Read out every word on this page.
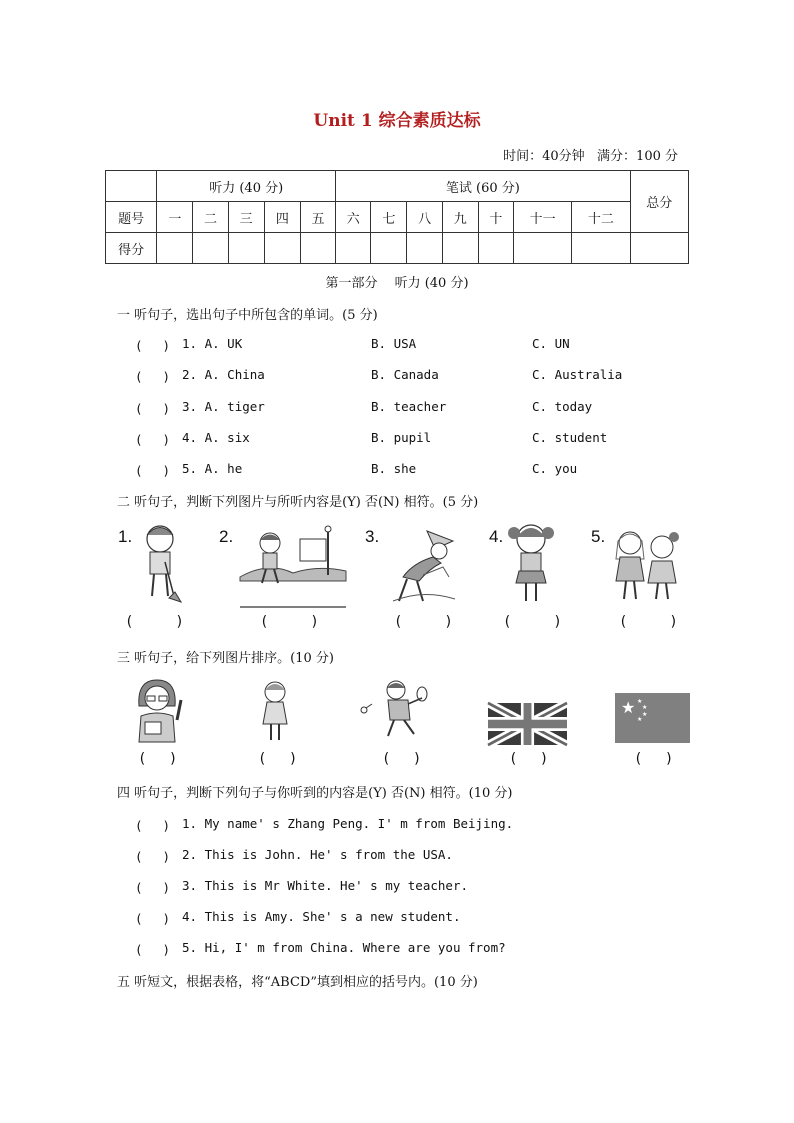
Unit 1 综合素质达标
时间：40分钟 满分：100 分
	听力 (40 分)					笔试 (60 分)							总分
题号	一	二	三	四	五	六	七	八	九	十	十一	十二	
得分													
第一部分　 听力 (40 分)
一 听句子，选出句子中所包含的单词。(5 分)
(　 ) 1. A. UK	B. USA	C. UN
(　 ) 2. A. China	B. Canada	C. Australia
(　 ) 3. A. tiger	B. teacher	C. today
(　 ) 4. A. six	B. pupil	C. student
(　 ) 5. A. he	B. she	C. you
二 听句子，判断下列图片与所听内容是(Y) 否(N) 相符。(5 分)
1.	2.	3.	4.	5.
(　　　)	(　　　)	(　　　)	(　　　)	(　　　)
三 听句子，给下列图片排序。(10 分)
★ ★
★
★
★
(　 )	(　 )	(　 )	(　 )	(　 )
四 听句子，判断下列句子与你听到的内容是(Y) 否(N) 相符。(10 分)
(　 ) 1. My name' s Zhang Peng. I' m from Beijing.
(　 ) 2. This is John. He' s from the USA.
(　 ) 3. This is Mr White. He' s my teacher.
(　 ) 4. This is Amy. She' s a new student.
(　 ) 5. Hi, I' m from China. Where are you from?
五 听短文，根据表格，将“ABCD”填到相应的括号内。(10 分)
